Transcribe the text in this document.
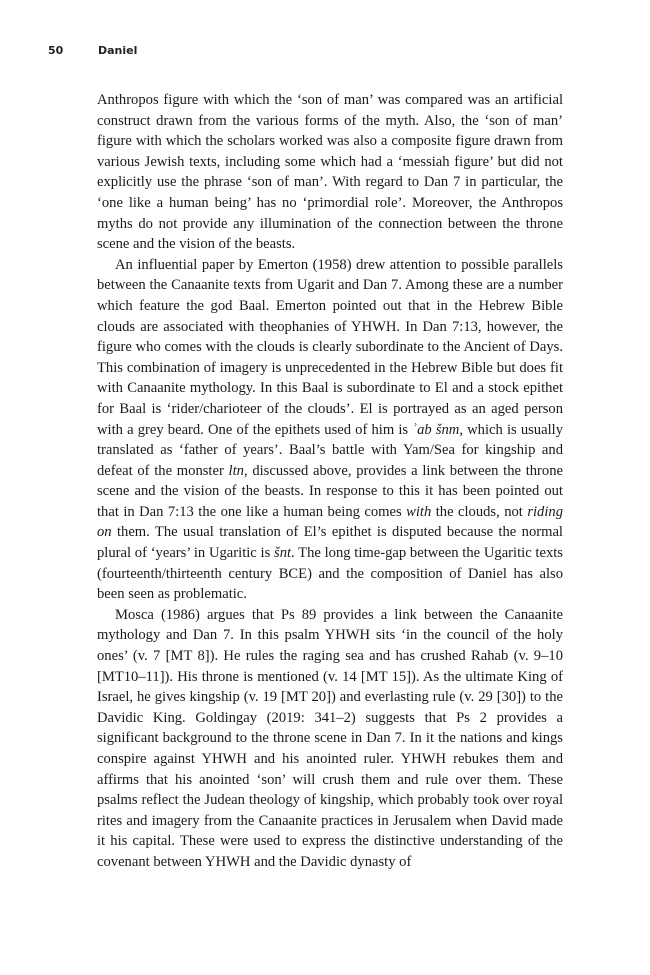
50	Daniel

Anthropos figure with which the ‘son of man’ was compared was an artificial construct drawn from the various forms of the myth. Also, the ‘son of man’ figure with which the scholars worked was also a composite figure drawn from various Jewish texts, including some which had a ‘messiah figure’ but did not explicitly use the phrase ‘son of man’. With regard to Dan 7 in particular, the ‘one like a human being’ has no ‘primordial role’. Moreover, the Anthropos myths do not provide any illumination of the connection between the throne scene and the vision of the beasts.

An influential paper by Emerton (1958) drew attention to possible parallels between the Canaanite texts from Ugarit and Dan 7. Among these are a number which feature the god Baal. Emerton pointed out that in the Hebrew Bible clouds are associated with theophanies of YHWH. In Dan 7:13, however, the figure who comes with the clouds is clearly subordinate to the Ancient of Days. This combination of imagery is unprecedented in the Hebrew Bible but does fit with Canaanite mythology. In this Baal is subordinate to El and a stock epithet for Baal is ‘rider/charioteer of the clouds’. El is portrayed as an aged person with a grey beard. One of the epithets used of him is ʾab šnm, which is usually translated as ‘father of years’. Baal’s battle with Yam/Sea for kingship and defeat of the monster ltn, discussed above, provides a link between the throne scene and the vision of the beasts. In response to this it has been pointed out that in Dan 7:13 the one like a human being comes with the clouds, not riding on them. The usual translation of El’s epithet is disputed because the normal plural of ‘years’ in Ugaritic is šnt. The long time-gap between the Ugaritic texts (fourteenth/thirteenth century BCE) and the composition of Daniel has also been seen as problematic.

Mosca (1986) argues that Ps 89 provides a link between the Canaanite mythology and Dan 7. In this psalm YHWH sits ‘in the council of the holy ones’ (v. 7 [MT 8]). He rules the raging sea and has crushed Rahab (v. 9–10 [MT10–11]). His throne is mentioned (v. 14 [MT 15]). As the ultimate King of Israel, he gives kingship (v. 19 [MT 20]) and everlasting rule (v. 29 [30]) to the Davidic King. Goldingay (2019: 341–2) suggests that Ps 2 provides a significant background to the throne scene in Dan 7. In it the nations and kings conspire against YHWH and his anointed ruler. YHWH rebukes them and affirms that his anointed ‘son’ will crush them and rule over them. These psalms reflect the Judean theology of kingship, which probably took over royal rites and imagery from the Canaanite practices in Jerusalem when David made it his capital. These were used to express the distinctive understanding of the covenant between YHWH and the Davidic dynasty of
